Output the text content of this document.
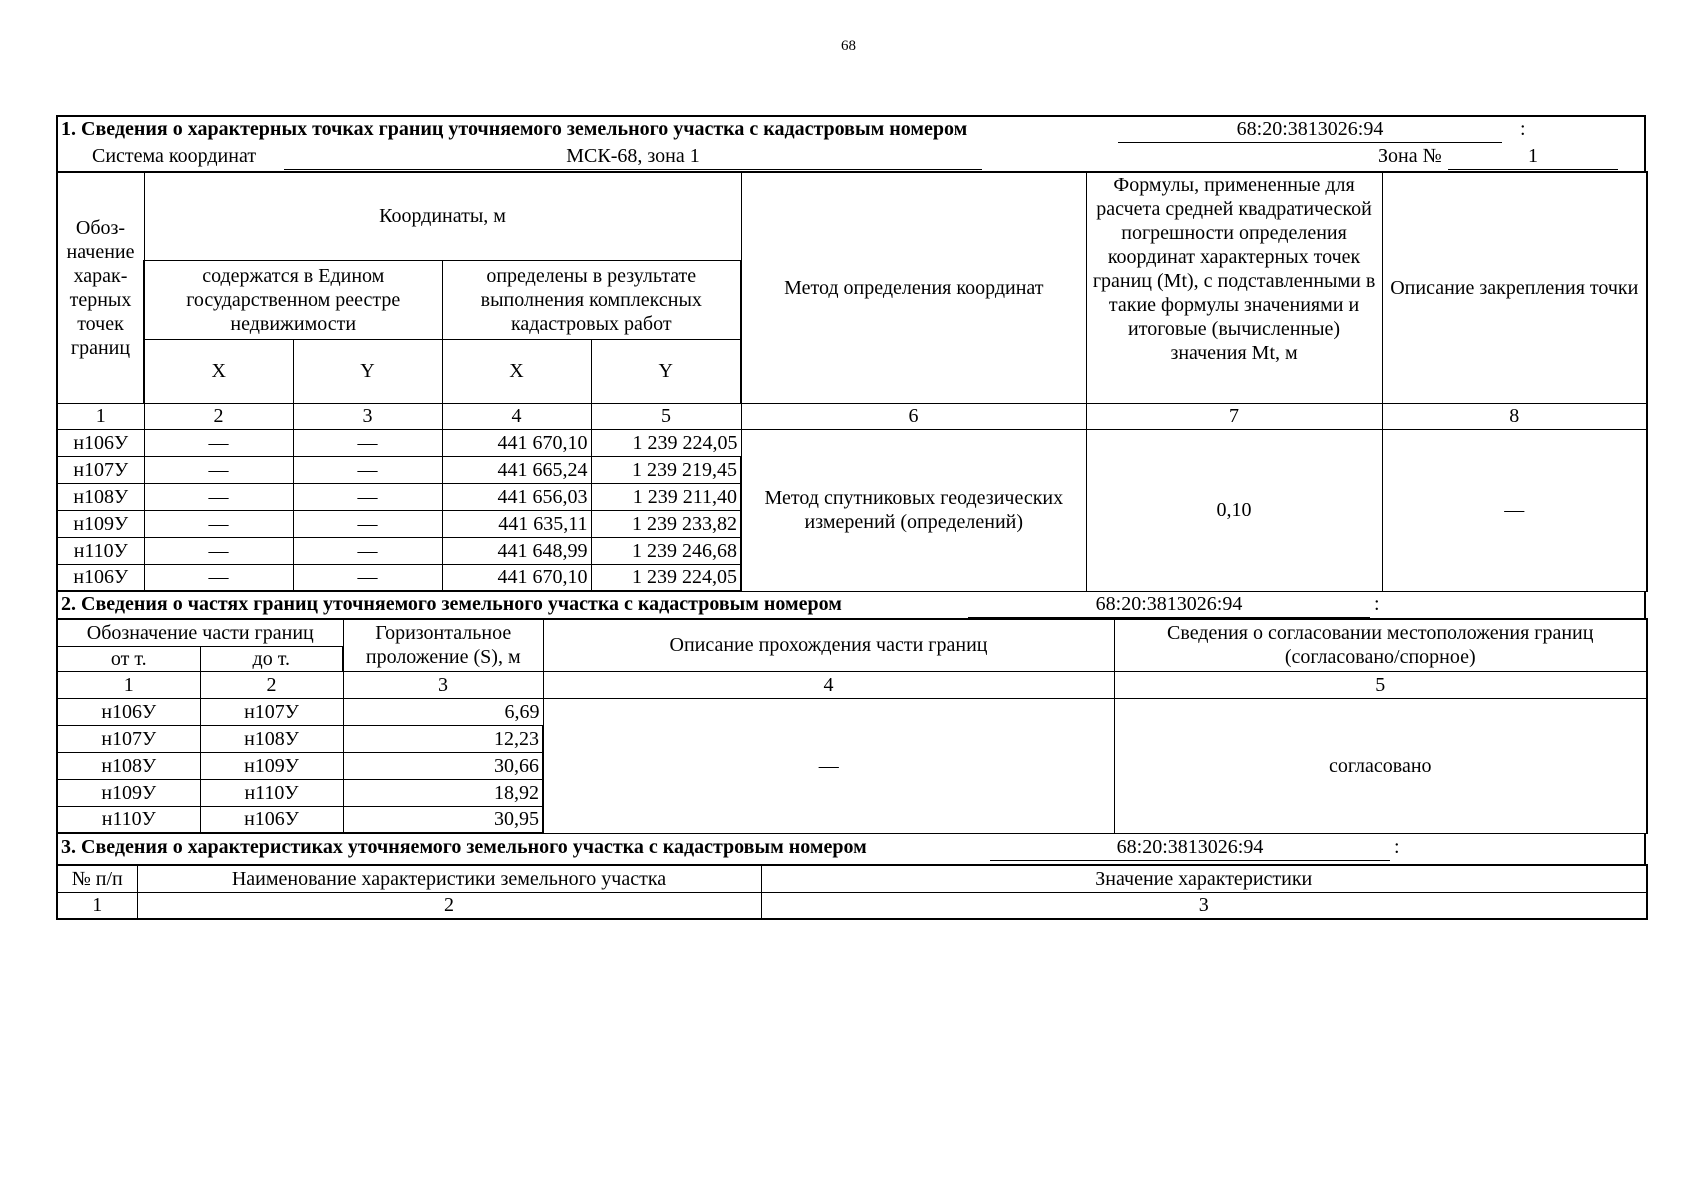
68
1. Сведения о характерных точках границ уточняемого земельного участка с кадастровым номером	68:20:3813026:94	:
Система координат	МСК-68, зона 1	Зона №	1
Обоз-начение харак-терных точек границ	Координаты, м				Метод определения координат	Формулы, примененные для расчета средней квадратической погрешности определения координат характерных точек границ (Mt), с подставленными в такие формулы значениями и итоговые (вычисленные) значения Mt, м	Описание закрепления точки
	содержатся в Едином государственном реестре недвижимости		определены в результате выполнения комплексных кадастровых работ				
	X	Y	X	Y			
1	2	3	4	5	6	7	8
н106У	—	—	441 670,10	1 239 224,05	Метод спутниковых геодезических измерений (определений)	0,10	—
н107У	—	—	441 665,24	1 239 219,45			
н108У	—	—	441 656,03	1 239 211,40			
н109У	—	—	441 635,11	1 239 233,82			
н110У	—	—	441 648,99	1 239 246,68			
н106У	—	—	441 670,10	1 239 224,05			
2. Сведения о частях границ уточняемого земельного участка с кадастровым номером	68:20:3813026:94	:
Обозначение части границ		Горизонтальное проложение (S), м	Описание прохождения части границ	Сведения о согласовании местоположения границ (согласовано/спорное)
от т.	до т.			
1	2	3	4	5
н106У	н107У	6,69	—	согласовано
н107У	н108У	12,23		
н108У	н109У	30,66		
н109У	н110У	18,92		
н110У	н106У	30,95		
3. Сведения о характеристиках уточняемого земельного участка с кадастровым номером	68:20:3813026:94	:
№ п/п	Наименование характеристики земельного участка	Значение характеристики
1	2	3
